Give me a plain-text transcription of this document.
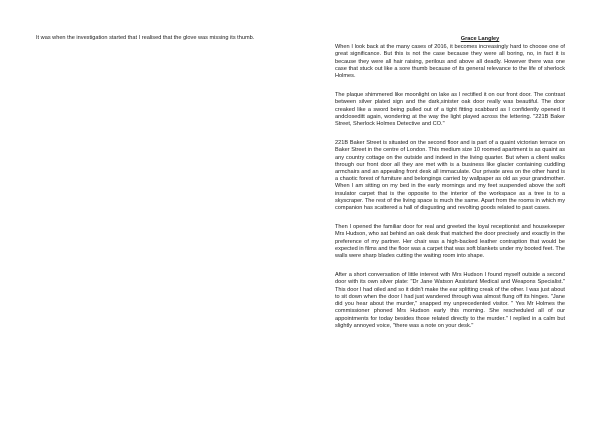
It was when the investigation started that I realised that the glove was missing its thumb.	Grace Langley

When I look back at the many cases of 2016, it becomes increasingly hard to choose one of great significance. But this is not the case because they were all boring, no, in fact it is because they were all hair raising, perilous and above all deadly. However there was one case that stuck out like a sore thumb because of its general relevance to the life of sherlock Holmes.

The plaque shimmered like moonlight on lake as I rectified it on our front door. The contrast between silver plated sign and the dark,sinister oak door really was beautiful. The door creaked like a sword being pulled out of a tight fitting scabbard as I confidently opened it andcloseditt again, wondering at the way the light played across the lettering. "221B Baker Street, Sherlock Holmes Detective and CO."

221B Baker Street is situated on the second floor and is part of a quaint victorian terrace on Baker Street in the centre of London. This medium size 10 roomed apartment is as quaint as any country cottage on the outside and indeed in the living quarter. But when a client walks through our front door all they are met with is a business like glacier containing cuddling armchairs and an appealing front desk all immaculate. Our private area on the other hand is a chaotic forest of furniture and belongings carried by wallpaper as old as your grandmother. When I am sitting on my bed in the early mornings and my feet suspended above the soft insulator carpet that is the opposite to the interior of the workspace as a tree is to a skyscraper. The rest of the living space is much the same. Apart from the rooms in which my companion has scattered a hall of disgusting and revolting goods related to past cases.

Then I opened the familiar door for real and greeted the loyal receptionist and housekeeper Mrs Hudson, who sat behind an oak desk that matched the door precisely and exactly in the preference of my partner. Her chair was a high-backed leather contraption that would be expected in films and the floor was a carpet that was soft blankets under my booted feet. The walls were sharp blades cutting the waiting room into shape.

After a short conversation of little interest with Mrs Hudson I found myself outside a second door with its own silver plate: "Dr Jane Watson Assistant Medical and Weapons Specialist." This door I had oiled and so it didn't make the ear splitting creak of the other. I was just about to sit down when the door I had just wandered through was almost flung off its hinges. "Jane did you hear about the murder," snapped my unprecedented visitor. " Yes Mr Holmes the commissioner phoned Mrs Hudson early this morning. She rescheduled all of our appointments for today besides those related directly to the murder." I replied in a calm but slightly annoyed voice, "there was a note on your desk."
